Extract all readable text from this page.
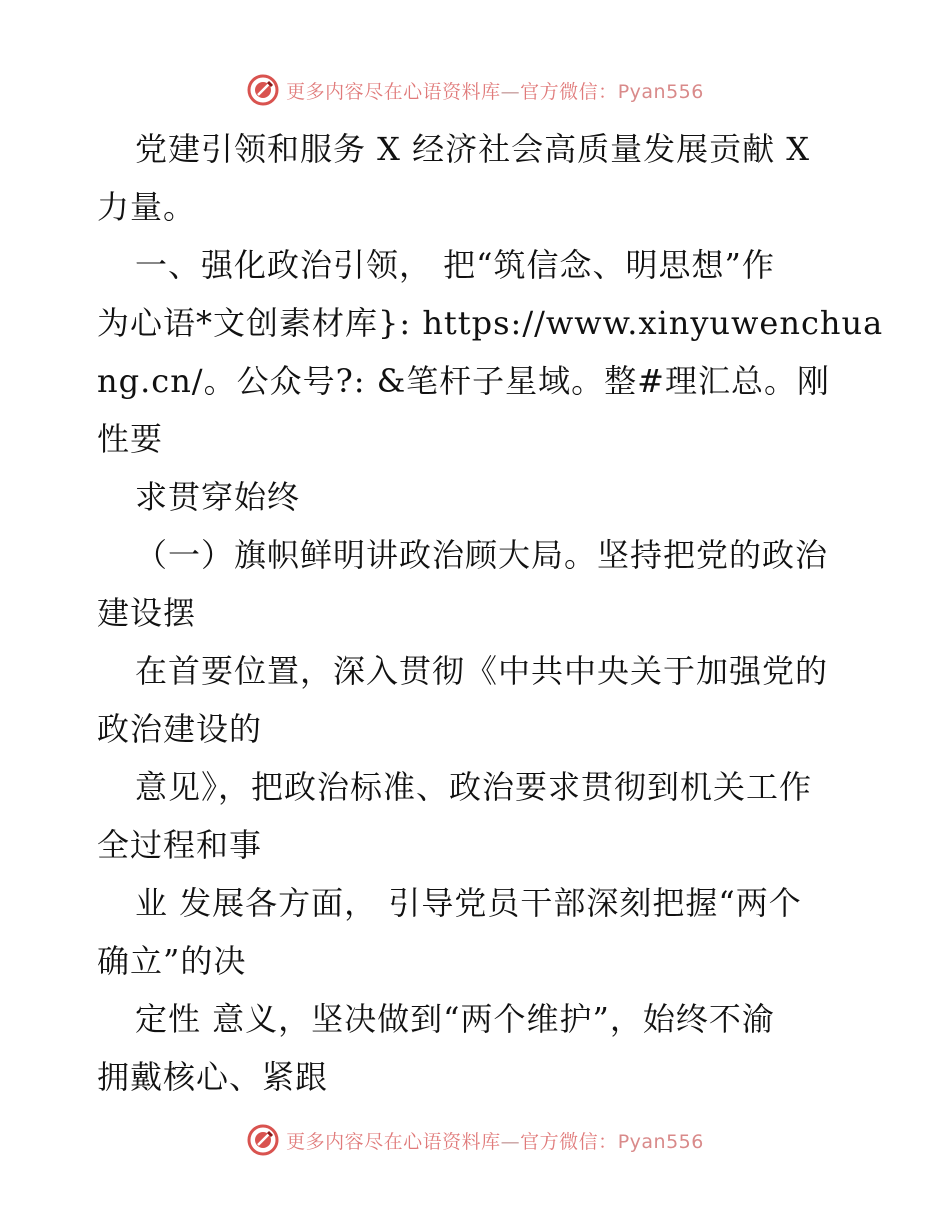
更多内容尽在心语资料库—官方微信：Pyan556
党建引领和服务 X 经济社会高质量发展贡献 X
力量。
一、强化政治引领， 把“筑信念、明思想”作
为心语*文创素材库}: https://www.xinyuwenchua
ng.cn/。公众号?: &笔杆子星域。整#理汇总。刚
性要
求贯穿始终
（一）旗帜鲜明讲政治顾大局。坚持把党的政治
建设摆
在首要位置，深入贯彻《中共中央关于加强党的
政治建设的
意见》，把政治标准、政治要求贯彻到机关工作
全过程和事
业 发展各方面， 引导党员干部深刻把握“两个
确立”的决
定性 意义，坚决做到“两个维护”，始终不渝
拥戴核心、紧跟
更多内容尽在心语资料库—官方微信：Pyan556
